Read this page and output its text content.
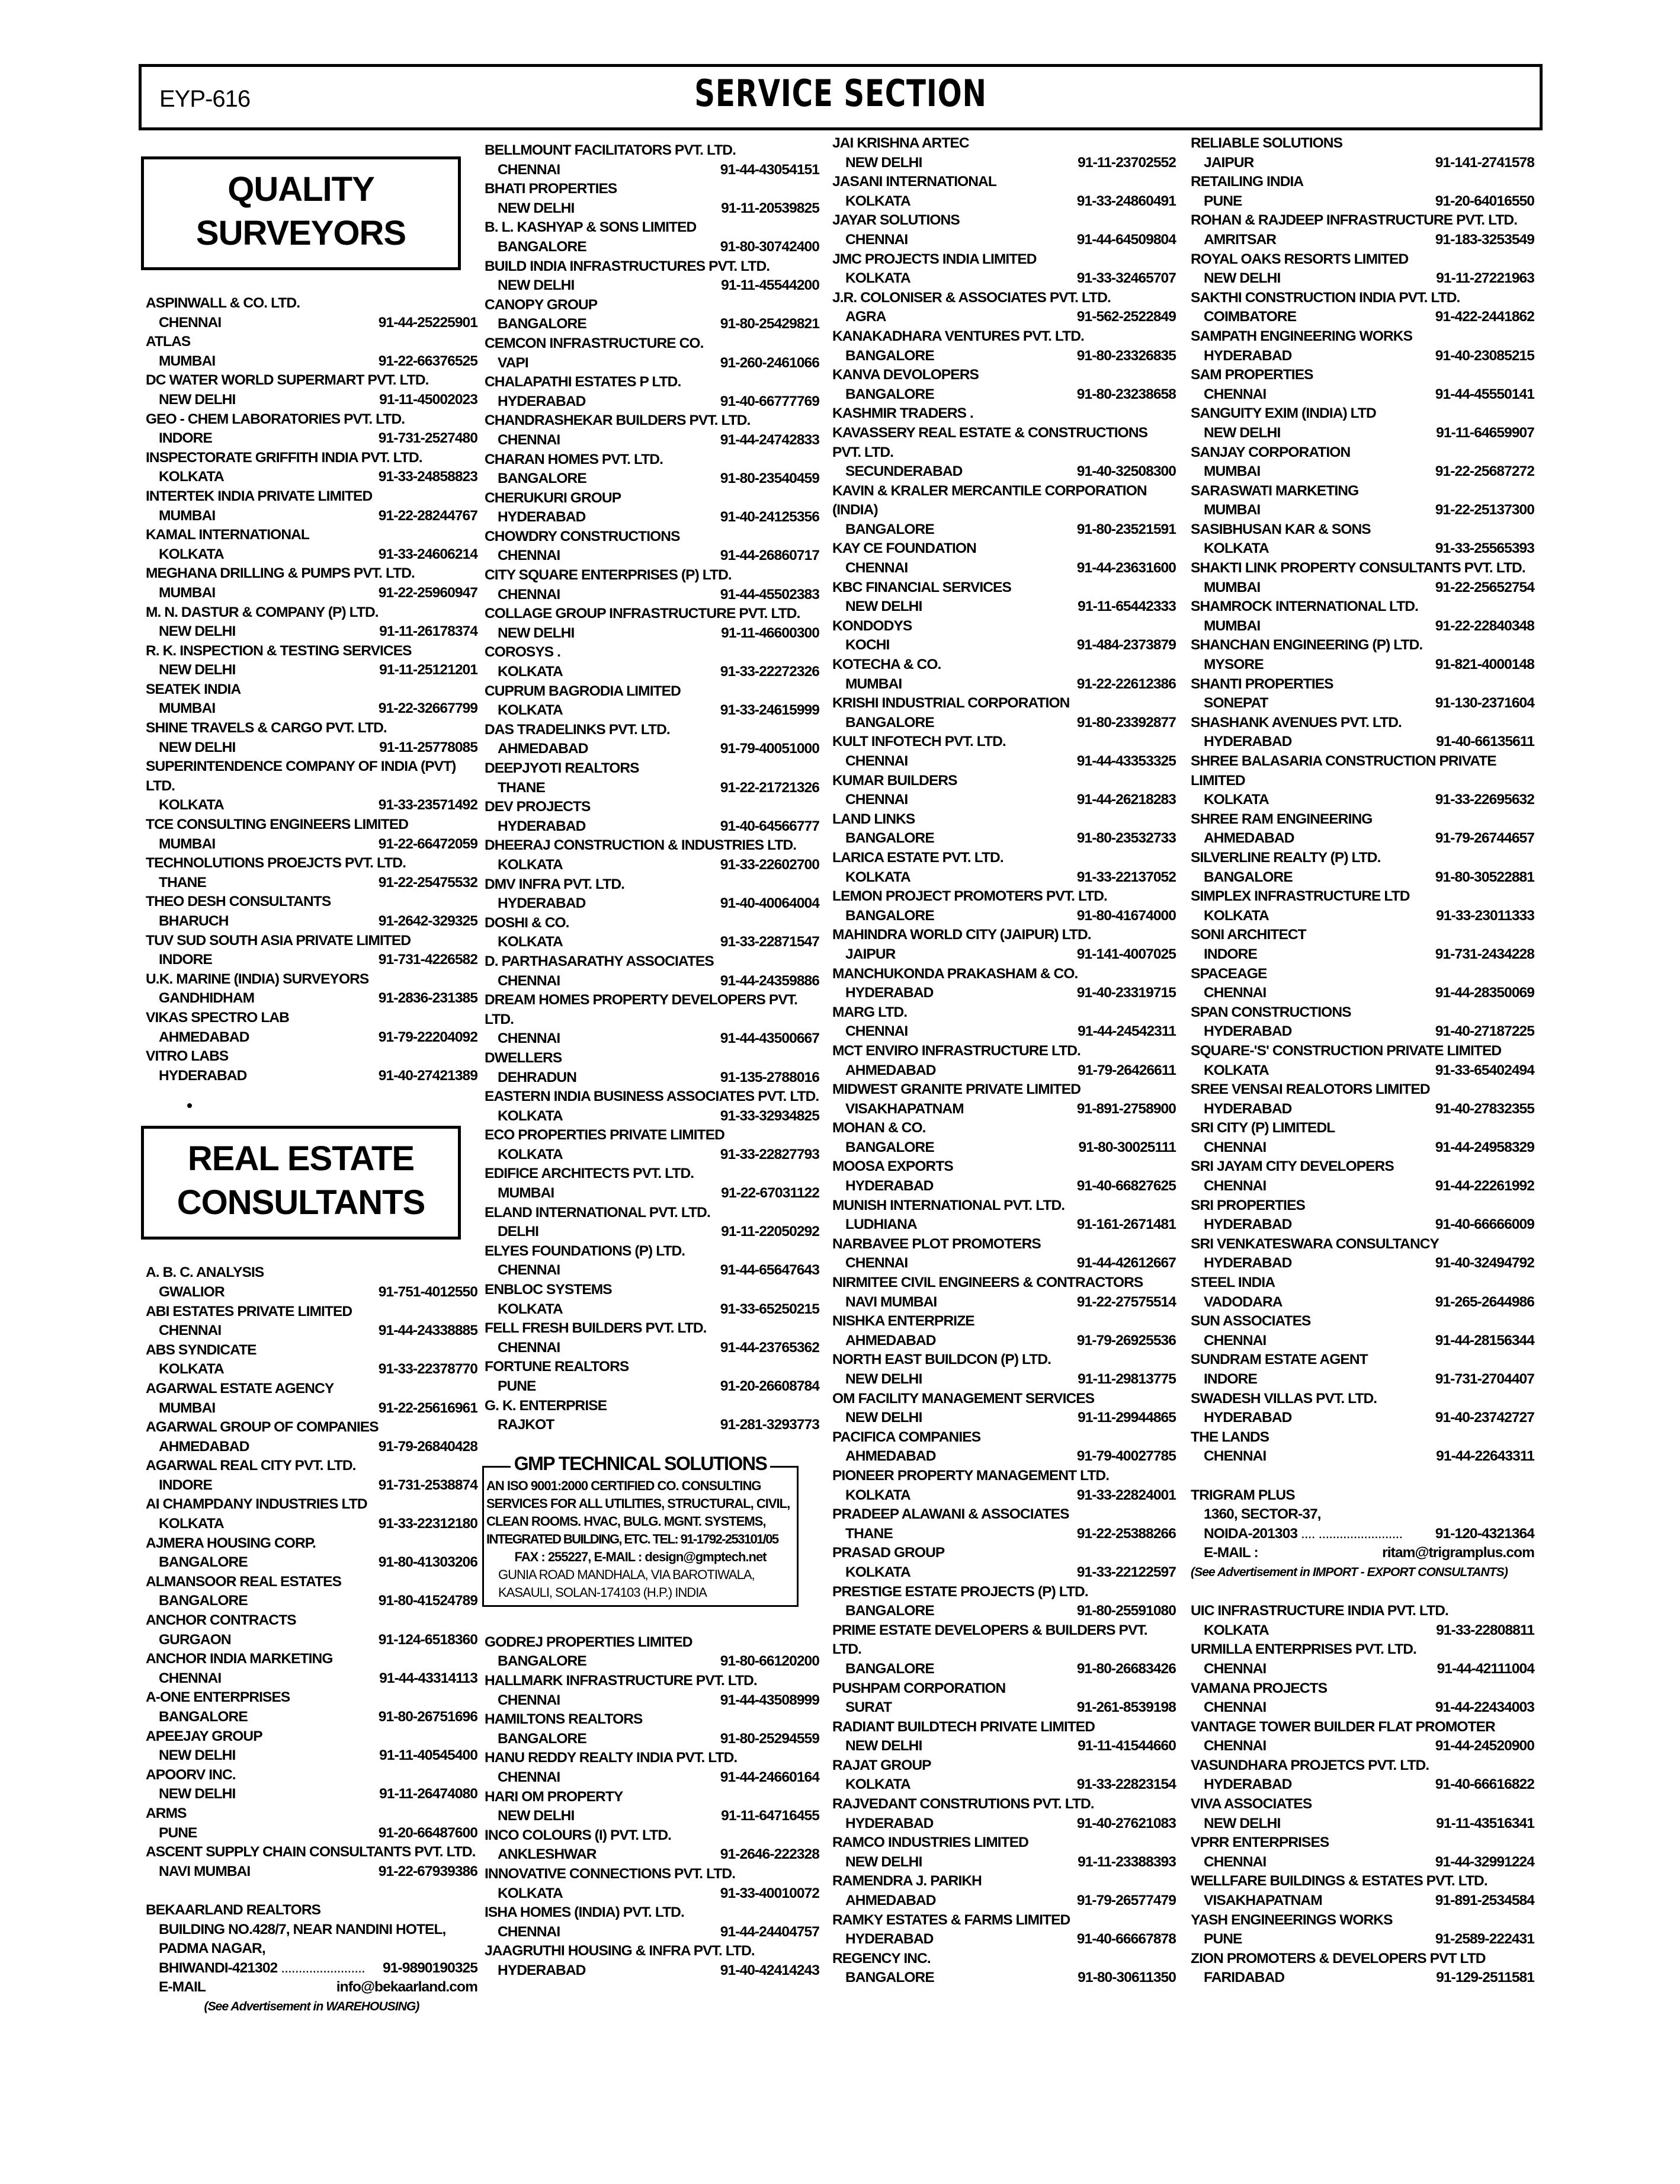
EYP-616	SERVICE SECTION
QUALITY
SURVEYORS
ASPINWALL & CO. LTD.
CHENNAI	91-44-25225901
ATLAS
MUMBAI	91-22-66376525
DC WATER WORLD SUPERMART PVT. LTD.
NEW DELHI	91-11-45002023
GEO - CHEM LABORATORIES PVT. LTD.
INDORE	91-731-2527480
INSPECTORATE GRIFFITH INDIA PVT. LTD.
KOLKATA	91-33-24858823
INTERTEK INDIA PRIVATE LIMITED
MUMBAI	91-22-28244767
KAMAL INTERNATIONAL
KOLKATA	91-33-24606214
MEGHANA DRILLING & PUMPS PVT. LTD.
MUMBAI	91-22-25960947
M. N. DASTUR & COMPANY (P) LTD.
NEW DELHI	91-11-26178374
R. K. INSPECTION & TESTING SERVICES
NEW DELHI	91-11-25121201
SEATEK INDIA
MUMBAI	91-22-32667799
SHINE TRAVELS & CARGO PVT. LTD.
NEW DELHI	91-11-25778085
SUPERINTENDENCE COMPANY OF INDIA (PVT) LTD.
KOLKATA	91-33-23571492
TCE CONSULTING ENGINEERS LIMITED
MUMBAI	91-22-66472059
TECHNOLUTIONS PROEJCTS PVT. LTD.
THANE	91-22-25475532
THEO DESH CONSULTANTS
BHARUCH	91-2642-329325
TUV SUD SOUTH ASIA PRIVATE LIMITED
INDORE	91-731-4226582
U.K. MARINE (INDIA) SURVEYORS
GANDHIDHAM	91-2836-231385
VIKAS SPECTRO LAB
AHMEDABAD	91-79-22204092
VITRO LABS
HYDERABAD	91-40-27421389
REAL ESTATE
CONSULTANTS
A. B. C. ANALYSIS
GWALIOR	91-751-4012550
ABI ESTATES PRIVATE LIMITED
CHENNAI	91-44-24338885
ABS SYNDICATE
KOLKATA	91-33-22378770
AGARWAL ESTATE AGENCY
MUMBAI	91-22-25616961
AGARWAL GROUP OF COMPANIES
AHMEDABAD	91-79-26840428
AGARWAL REAL CITY PVT. LTD.
INDORE	91-731-2538874
AI CHAMPDANY INDUSTRIES LTD
KOLKATA	91-33-22312180
AJMERA HOUSING CORP.
BANGALORE	91-80-41303206
ALMANSOOR REAL ESTATES
BANGALORE	91-80-41524789
ANCHOR CONTRACTS
GURGAON	91-124-6518360
ANCHOR INDIA MARKETING
CHENNAI	91-44-43314113
A-ONE ENTERPRISES
BANGALORE	91-80-26751696
APEEJAY GROUP
NEW DELHI	91-11-40545400
APOORV INC.
NEW DELHI	91-11-26474080
ARMS
PUNE	91-20-66487600
ASCENT SUPPLY CHAIN CONSULTANTS PVT. LTD.
NAVI MUMBAI	91-22-67939386
BEKAARLAND REALTORS
BUILDING NO.428/7, NEAR NANDINI HOTEL,
PADMA NAGAR,
BHIWANDI-421302 ........................ 91-9890190325
E-MAIL	info@bekaarland.com
(See Advertisement in WAREHOUSING)
BELLMOUNT FACILITATORS PVT. LTD.
CHENNAI	91-44-43054151
BHATI PROPERTIES
NEW DELHI	91-11-20539825
B. L. KASHYAP & SONS LIMITED
BANGALORE	91-80-30742400
BUILD INDIA INFRASTRUCTURES PVT. LTD.
NEW DELHI	91-11-45544200
CANOPY GROUP
BANGALORE	91-80-25429821
CEMCON INFRASTRUCTURE CO.
VAPI	91-260-2461066
CHALAPATHI ESTATES P LTD.
HYDERABAD	91-40-66777769
CHANDRASHEKAR BUILDERS PVT. LTD.
CHENNAI	91-44-24742833
CHARAN HOMES PVT. LTD.
BANGALORE	91-80-23540459
CHERUKURI GROUP
HYDERABAD	91-40-24125356
CHOWDRY CONSTRUCTIONS
CHENNAI	91-44-26860717
CITY SQUARE ENTERPRISES (P) LTD.
CHENNAI	91-44-45502383
COLLAGE GROUP INFRASTRUCTURE PVT. LTD.
NEW DELHI	91-11-46600300
COROSYS .
KOLKATA	91-33-22272326
CUPRUM BAGRODIA LIMITED
KOLKATA	91-33-24615999
DAS TRADELINKS PVT. LTD.
AHMEDABAD	91-79-40051000
DEEPJYOTI REALTORS
THANE	91-22-21721326
DEV PROJECTS
HYDERABAD	91-40-64566777
DHEERAJ CONSTRUCTION & INDUSTRIES LTD.
KOLKATA	91-33-22602700
DMV INFRA PVT. LTD.
HYDERABAD	91-40-40064004
DOSHI & CO.
KOLKATA	91-33-22871547
D. PARTHASARATHY ASSOCIATES
CHENNAI	91-44-24359886
DREAM HOMES PROPERTY DEVELOPERS PVT. LTD.
CHENNAI	91-44-43500667
DWELLERS
DEHRADUN	91-135-2788016
EASTERN INDIA BUSINESS ASSOCIATES PVT. LTD.
KOLKATA	91-33-32934825
ECO PROPERTIES PRIVATE LIMITED
KOLKATA	91-33-22827793
EDIFICE ARCHITECTS PVT. LTD.
MUMBAI	91-22-67031122
ELAND INTERNATIONAL PVT. LTD.
DELHI	91-11-22050292
ELYES FOUNDATIONS (P) LTD.
CHENNAI	91-44-65647643
ENBLOC SYSTEMS
KOLKATA	91-33-65250215
FELL FRESH BUILDERS PVT. LTD.
CHENNAI	91-44-23765362
FORTUNE REALTORS
PUNE	91-20-26608784
G. K. ENTERPRISE
RAJKOT	91-281-3293773
GMP TECHNICAL SOLUTIONS
AN ISO 9001:2000 CERTIFIED CO. CONSULTING
SERVICES FOR ALL UTILITIES, STRUCTURAL, CIVIL,
CLEAN ROOMS. HVAC, BULG. MGNT. SYSTEMS,
INTEGRATED BUILDING, ETC. TEL: 91-1792-253101/05
FAX : 255227, E-MAIL : design@gmptech.net
GUNIA ROAD MANDHALA, VIA BAROTIWALA,
KASAULI, SOLAN-174103 (H.P.) INDIA
GODREJ PROPERTIES LIMITED
BANGALORE	91-80-66120200
HALLMARK INFRASTRUCTURE PVT. LTD.
CHENNAI	91-44-43508999
HAMILTONS REALTORS
BANGALORE	91-80-25294559
HANU REDDY REALTY INDIA PVT. LTD.
CHENNAI	91-44-24660164
HARI OM PROPERTY
NEW DELHI	91-11-64716455
INCO COLOURS (I) PVT. LTD.
ANKLESHWAR	91-2646-222328
INNOVATIVE CONNECTIONS PVT. LTD.
KOLKATA	91-33-40010072
ISHA HOMES (INDIA) PVT. LTD.
CHENNAI	91-44-24404757
JAAGRUTHI HOUSING & INFRA PVT. LTD.
HYDERABAD	91-40-42414243
JAI KRISHNA ARTEC
NEW DELHI	91-11-23702552
JASANI INTERNATIONAL
KOLKATA	91-33-24860491
JAYAR SOLUTIONS
CHENNAI	91-44-64509804
JMC PROJECTS INDIA LIMITED
KOLKATA	91-33-32465707
J.R. COLONISER & ASSOCIATES PVT. LTD.
AGRA	91-562-2522849
KANAKADHARA VENTURES PVT. LTD.
BANGALORE	91-80-23326835
KANVA DEVOLOPERS
BANGALORE	91-80-23238658
KASHMIR TRADERS .
KAVASSERY REAL ESTATE & CONSTRUCTIONS PVT. LTD.
SECUNDERABAD	91-40-32508300
KAVIN & KRALER MERCANTILE CORPORATION (INDIA)
BANGALORE	91-80-23521591
KAY CE FOUNDATION
CHENNAI	91-44-23631600
KBC FINANCIAL SERVICES
NEW DELHI	91-11-65442333
KONDODYS
KOCHI	91-484-2373879
KOTECHA & CO.
MUMBAI	91-22-22612386
KRISHI INDUSTRIAL CORPORATION
BANGALORE	91-80-23392877
KULT INFOTECH PVT. LTD.
CHENNAI	91-44-43353325
KUMAR BUILDERS
CHENNAI	91-44-26218283
LAND LINKS
BANGALORE	91-80-23532733
LARICA ESTATE PVT. LTD.
KOLKATA	91-33-22137052
LEMON PROJECT PROMOTERS PVT. LTD.
BANGALORE	91-80-41674000
MAHINDRA WORLD CITY (JAIPUR) LTD.
JAIPUR	91-141-4007025
MANCHUKONDA PRAKASHAM & CO.
HYDERABAD	91-40-23319715
MARG LTD.
CHENNAI	91-44-24542311
MCT ENVIRO INFRASTRUCTURE LTD.
AHMEDABAD	91-79-26426611
MIDWEST GRANITE PRIVATE LIMITED
VISAKHAPATNAM	91-891-2758900
MOHAN & CO.
BANGALORE	91-80-30025111
MOOSA EXPORTS
HYDERABAD	91-40-66827625
MUNISH INTERNATIONAL PVT. LTD.
LUDHIANA	91-161-2671481
NARBAVEE PLOT PROMOTERS
CHENNAI	91-44-42612667
NIRMITEE CIVIL ENGINEERS & CONTRACTORS
NAVI MUMBAI	91-22-27575514
NISHKA ENTERPRIZE
AHMEDABAD	91-79-26925536
NORTH EAST BUILDCON (P) LTD.
NEW DELHI	91-11-29813775
OM FACILITY MANAGEMENT SERVICES
NEW DELHI	91-11-29944865
PACIFICA COMPANIES
AHMEDABAD	91-79-40027785
PIONEER PROPERTY MANAGEMENT LTD.
KOLKATA	91-33-22824001
PRADEEP ALAWANI & ASSOCIATES
THANE	91-22-25388266
PRASAD GROUP
KOLKATA	91-33-22122597
PRESTIGE ESTATE PROJECTS (P) LTD.
BANGALORE	91-80-25591080
PRIME ESTATE DEVELOPERS & BUILDERS PVT. LTD.
BANGALORE	91-80-26683426
PUSHPAM CORPORATION
SURAT	91-261-8539198
RADIANT BUILDTECH PRIVATE LIMITED
NEW DELHI	91-11-41544660
RAJAT GROUP
KOLKATA	91-33-22823154
RAJVEDANT CONSTRUTIONS PVT. LTD.
HYDERABAD	91-40-27621083
RAMCO INDUSTRIES LIMITED
NEW DELHI	91-11-23388393
RAMENDRA J. PARIKH
AHMEDABAD	91-79-26577479
RAMKY ESTATES & FARMS LIMITED
HYDERABAD	91-40-66667878
REGENCY INC.
BANGALORE	91-80-30611350
RELIABLE SOLUTIONS
JAIPUR	91-141-2741578
RETAILING INDIA
PUNE	91-20-64016550
ROHAN & RAJDEEP INFRASTRUCTURE PVT. LTD.
AMRITSAR	91-183-3253549
ROYAL OAKS RESORTS LIMITED
NEW DELHI	91-11-27221963
SAKTHI CONSTRUCTION INDIA PVT. LTD.
COIMBATORE	91-422-2441862
SAMPATH ENGINEERING WORKS
HYDERABAD	91-40-23085215
SAM PROPERTIES
CHENNAI	91-44-45550141
SANGUITY EXIM (INDIA) LTD
NEW DELHI	91-11-64659907
SANJAY CORPORATION
MUMBAI	91-22-25687272
SARASWATI MARKETING
MUMBAI	91-22-25137300
SASIBHUSAN KAR & SONS
KOLKATA	91-33-25565393
SHAKTI LINK PROPERTY CONSULTANTS PVT. LTD.
MUMBAI	91-22-25652754
SHAMROCK INTERNATIONAL LTD.
MUMBAI	91-22-22840348
SHANCHAN ENGINEERING (P) LTD.
MYSORE	91-821-4000148
SHANTI PROPERTIES
SONEPAT	91-130-2371604
SHASHANK AVENUES PVT. LTD.
HYDERABAD	91-40-66135611
SHREE BALASARIA CONSTRUCTION PRIVATE LIMITED
KOLKATA	91-33-22695632
SHREE RAM ENGINEERING
AHMEDABAD	91-79-26744657
SILVERLINE REALTY (P) LTD.
BANGALORE	91-80-30522881
SIMPLEX INFRASTRUCTURE LTD
KOLKATA	91-33-23011333
SONI ARCHITECT
INDORE	91-731-2434228
SPACEAGE
CHENNAI	91-44-28350069
SPAN CONSTRUCTIONS
HYDERABAD	91-40-27187225
SQUARE-'S' CONSTRUCTION PRIVATE LIMITED
KOLKATA	91-33-65402494
SREE VENSAI REALOTORS LIMITED
HYDERABAD	91-40-27832355
SRI CITY (P) LIMITEDL
CHENNAI	91-44-24958329
SRI JAYAM CITY DEVELOPERS
CHENNAI	91-44-22261992
SRI PROPERTIES
HYDERABAD	91-40-66666009
SRI VENKATESWARA CONSULTANCY
HYDERABAD	91-40-32494792
STEEL INDIA
VADODARA	91-265-2644986
SUN ASSOCIATES
CHENNAI	91-44-28156344
SUNDRAM ESTATE AGENT
INDORE	91-731-2704407
SWADESH VILLAS PVT. LTD.
HYDERABAD	91-40-23742727
THE LANDS
CHENNAI	91-44-22643311
TRIGRAM PLUS
1360, SECTOR-37,
NOIDA-201303 .... ........................ 91-120-4321364
E-MAIL :	ritam@trigramplus.com
(See Advertisement in IMPORT - EXPORT CONSULTANTS)
UIC INFRASTRUCTURE INDIA PVT. LTD.
KOLKATA	91-33-22808811
URMILLA ENTERPRISES PVT. LTD.
CHENNAI	91-44-42111004
VAMANA PROJECTS
CHENNAI	91-44-22434003
VANTAGE TOWER BUILDER FLAT PROMOTER
CHENNAI	91-44-24520900
VASUNDHARA PROJETCS PVT. LTD.
HYDERABAD	91-40-66616822
VIVA ASSOCIATES
NEW DELHI	91-11-43516341
VPRR ENTERPRISES
CHENNAI	91-44-32991224
WELLFARE BUILDINGS & ESTATES PVT. LTD.
VISAKHAPATNAM	91-891-2534584
YASH ENGINEERINGS WORKS
PUNE	91-2589-222431
ZION PROMOTERS & DEVELOPERS PVT LTD
FARIDABAD	91-129-2511581
